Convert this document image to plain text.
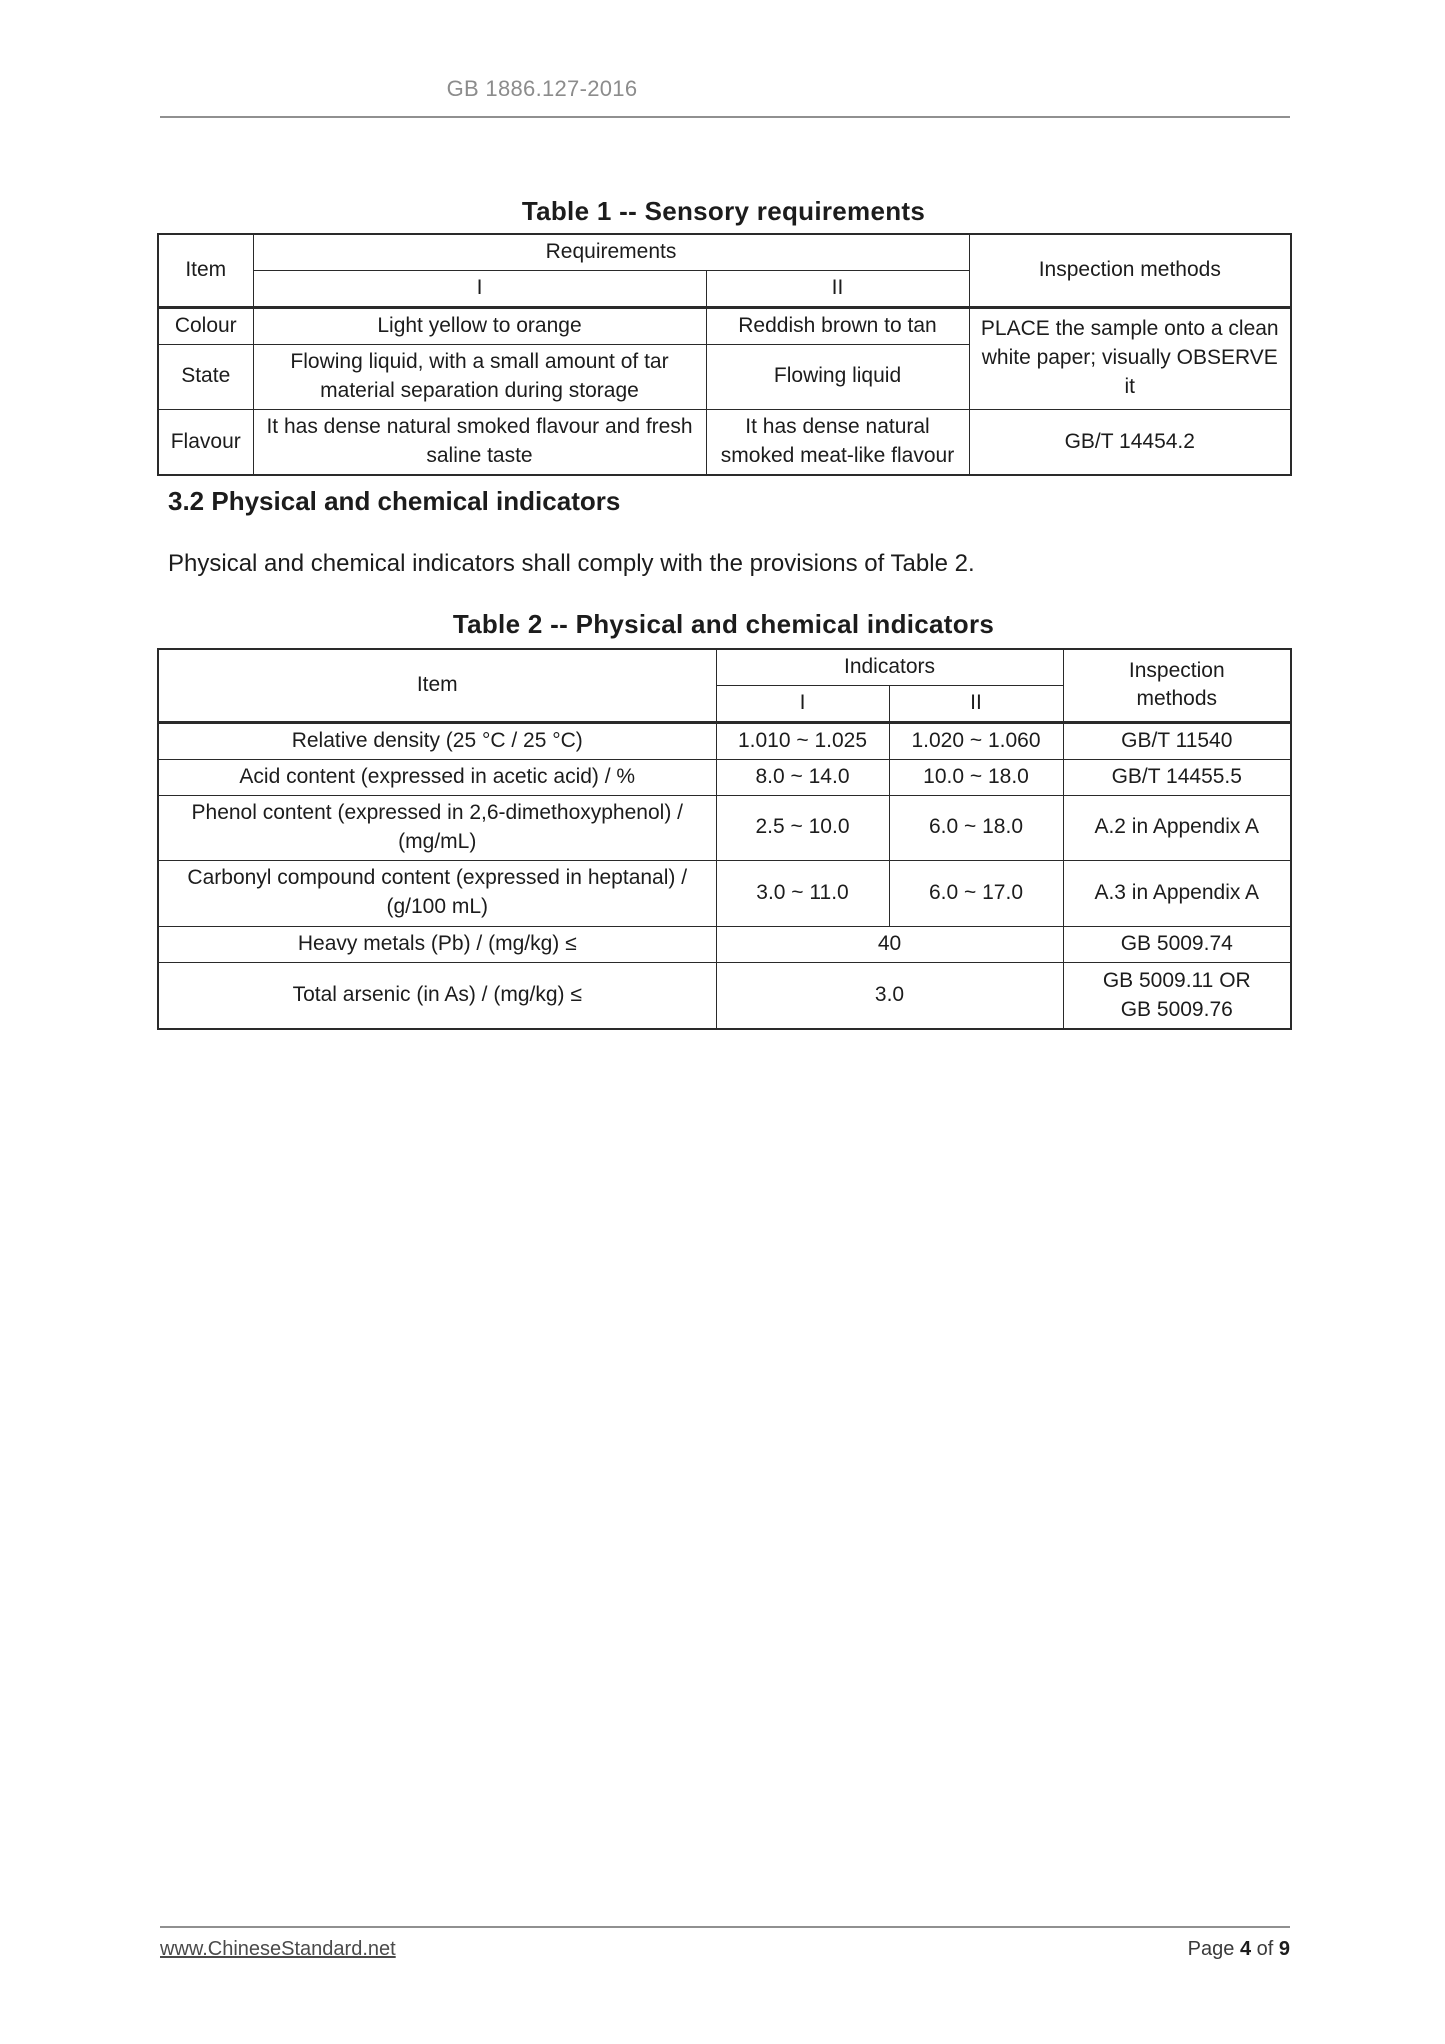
GB 1886.127-2016
Table 1 -- Sensory requirements
Item	Requirements		Inspection methods
	I	II	
Colour	Light yellow to orange	Reddish brown to tan	PLACE the sample onto a clean white paper; visually OBSERVE it
State	Flowing liquid, with a small amount of tar material separation during storage	Flowing liquid	
Flavour	It has dense natural smoked flavour and fresh saline taste	It has dense natural smoked meat-like flavour	GB/T 14454.2
3.2 Physical and chemical indicators
Physical and chemical indicators shall comply with the provisions of Table 2.
Table 2 -- Physical and chemical indicators
Item	Indicators		Inspection methods
	I	II	
Relative density (25 °C / 25 °C)	1.010 ~ 1.025	1.020 ~ 1.060	GB/T 11540
Acid content (expressed in acetic acid) / %	8.0 ~ 14.0	10.0 ~ 18.0	GB/T 14455.5
Phenol content (expressed in 2,6-dimethoxyphenol) / (mg/mL)	2.5 ~ 10.0	6.0 ~ 18.0	A.2 in Appendix A
Carbonyl compound content (expressed in heptanal) / (g/100 mL)	3.0 ~ 11.0	6.0 ~ 17.0	A.3 in Appendix A
Heavy metals (Pb) / (mg/kg) ≤	40		GB 5009.74
Total arsenic (in As) / (mg/kg) ≤	3.0		GB 5009.11 OR GB 5009.76
www.ChineseStandard.net	Page 4 of 9
